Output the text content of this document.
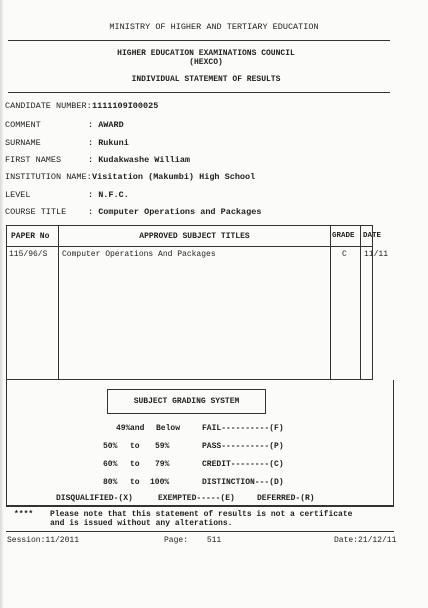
MINISTRY OF HIGHER AND TERTIARY EDUCATION
HIGHER EDUCATION EXAMINATIONS COUNCIL
(HEXCO)
INDIVIDUAL STATEMENT OF RESULTS
CANDIDATE NUMBER: 1111109I00025
COMMENT	: AWARD
SURNAME	: Rukuni
FIRST NAMES	: Kudakwashe William
INSTITUTION NAME: Visitation (Makumbi) High School
LEVEL	: N.F.C.
COURSE TITLE	: Computer Operations and Packages
PAPER No	APPROVED SUBJECT TITLES	GRADE DATE
115/96/S Computer Operations And Packages	C 11/11
SUBJECT GRADING SYSTEM
49% and Below	FAIL----------(F)
50% to 59%	PASS----------(P)
60% to 79%	CREDIT--------(C)
80% to 100%	DISTINCTION---(D)
DISQUALIFIED-(X)	EXEMPTED-----(E)	DEFERRED-(R)
**** Please note that this statement of results is not a certificate
and is issued without any alterations.
Session:11/2011	Page: 511	Date:21/12/11
